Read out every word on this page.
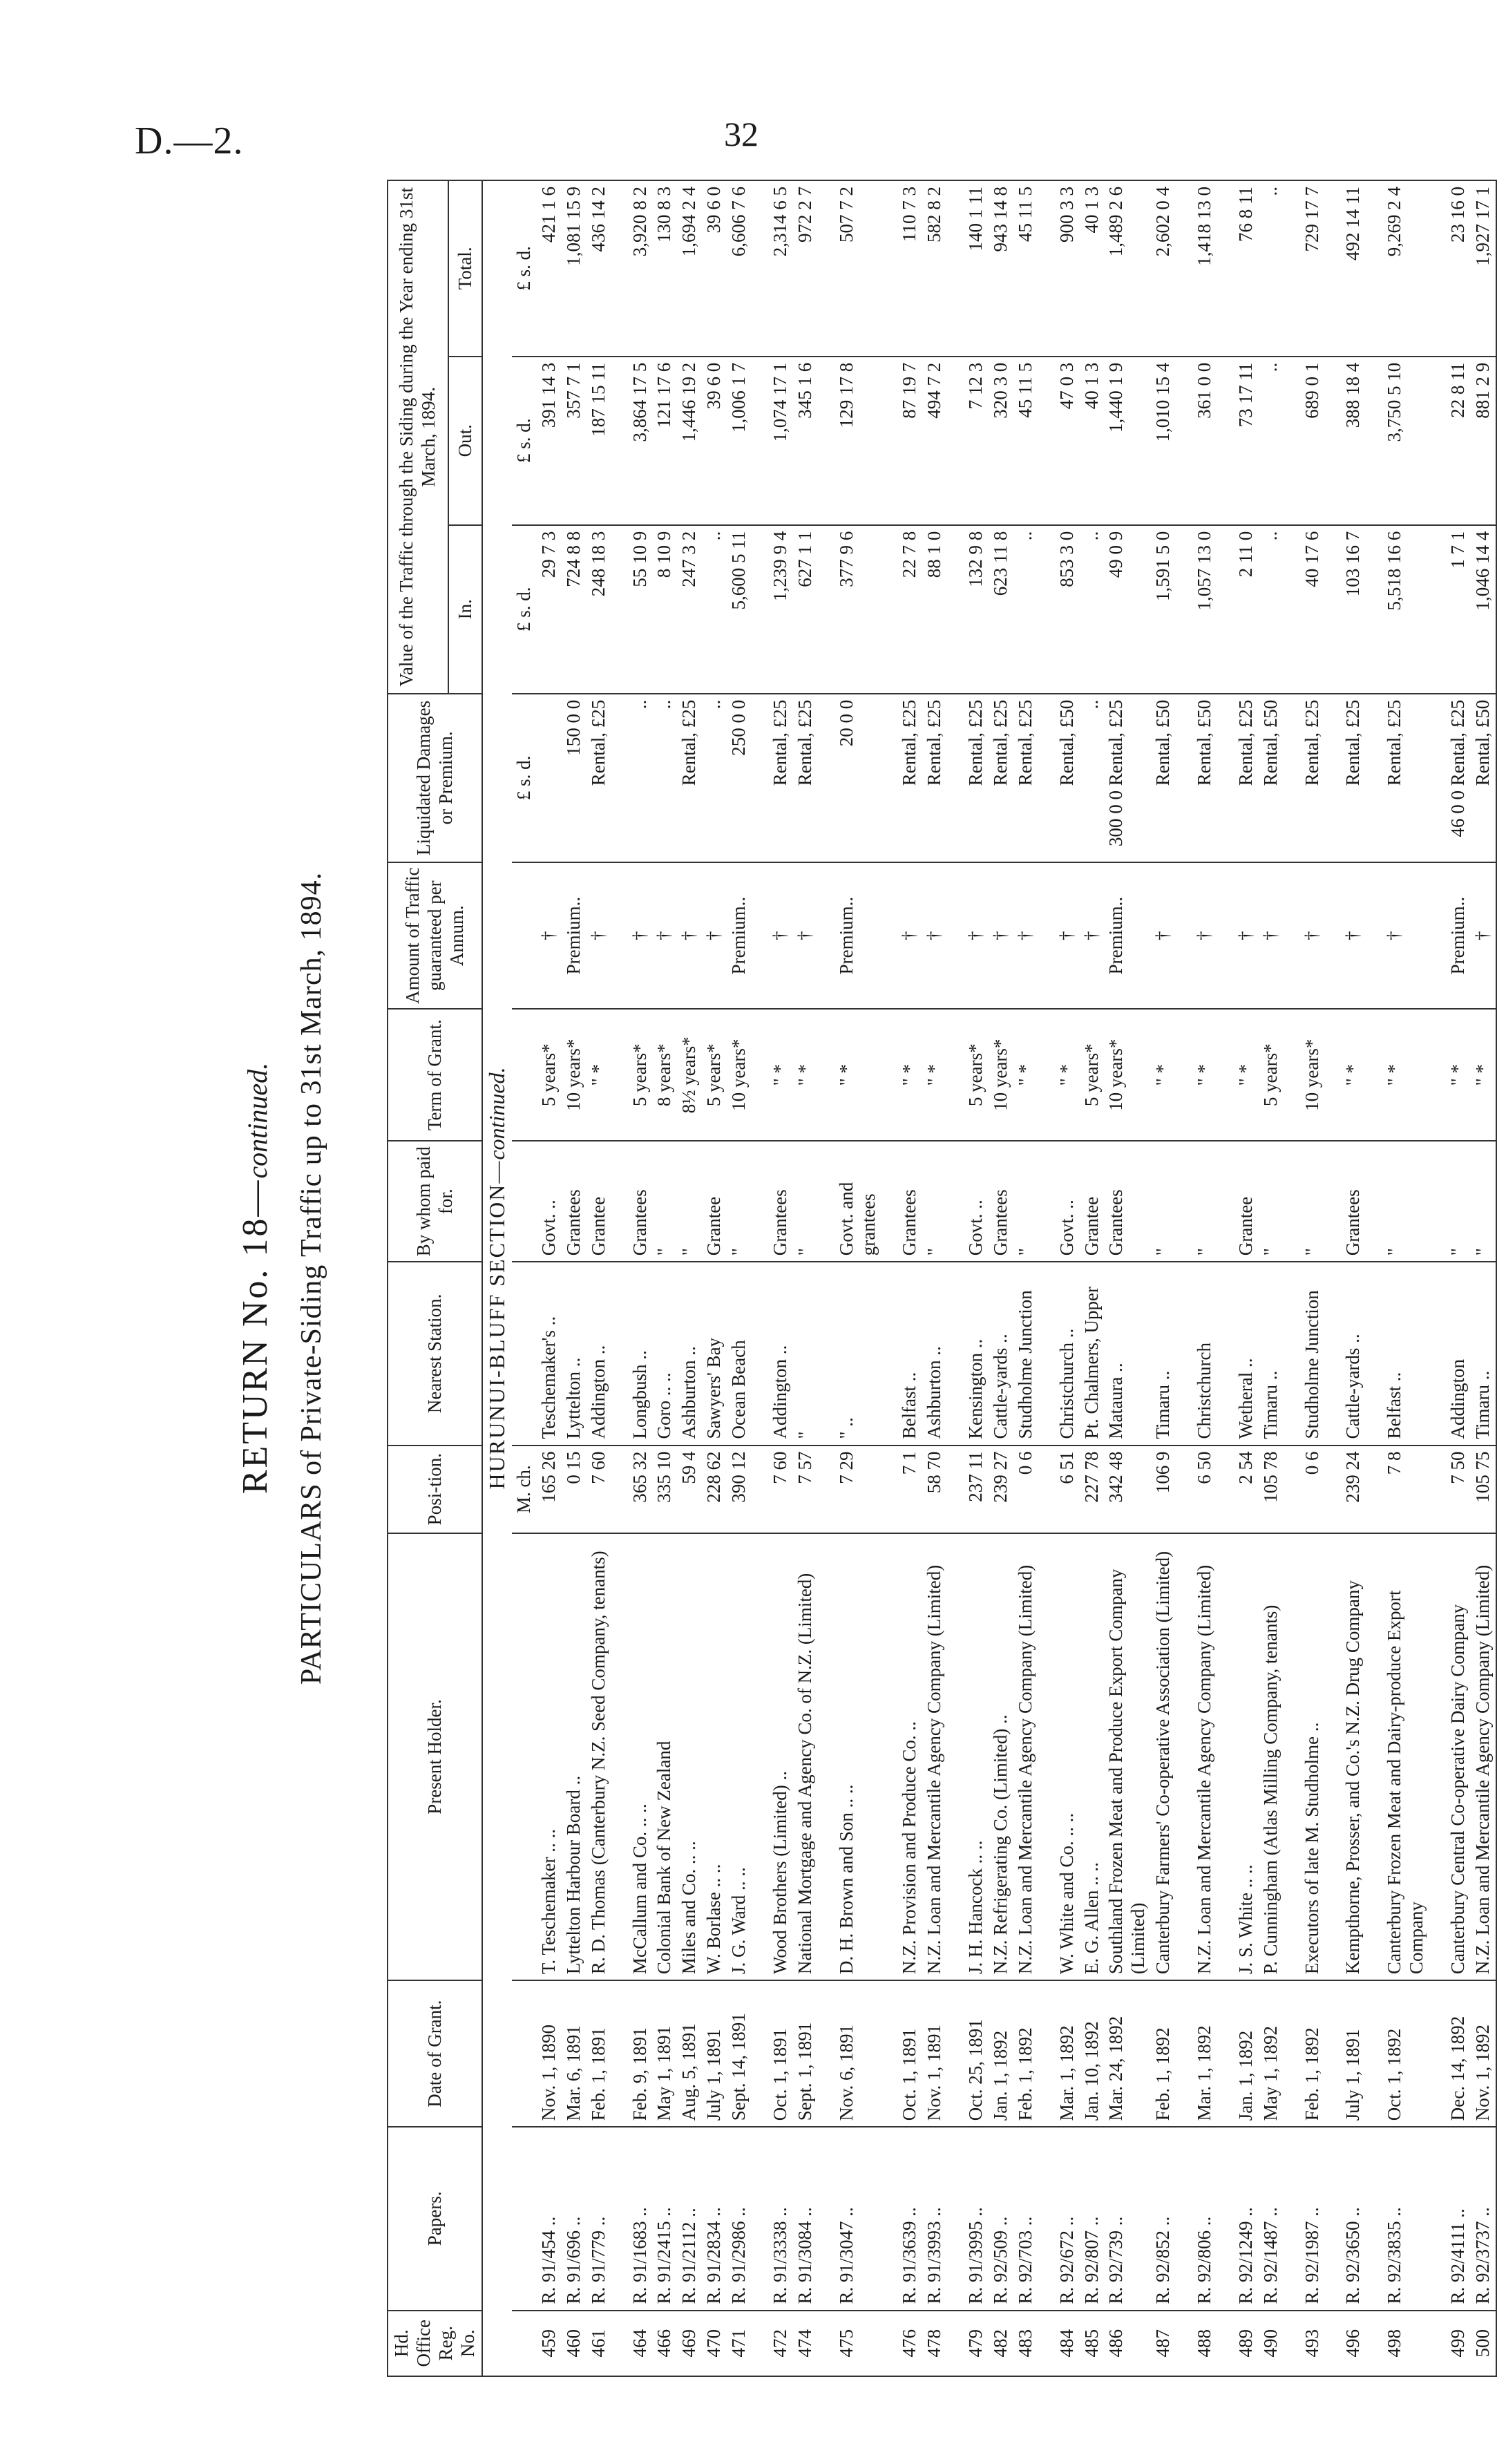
D.—2.	32
RETURN No. 18—continued. PARTICULARS of Private-Siding Traffic up to 31st March, 1894.
Hd. Office Reg. No.	Papers.	Date of Grant.	Present Holder.	Posi-tion.	Nearest Station.	By whom paid for.	Term of Grant.	Amount of Traffic guaranteed per Annum.	Liquidated Damages or Premium.	Value of the Traffic through the Siding during the Year ending 31st March, 1894.		
										In.	Out.	Total.
HURUNUI-BLUFF SECTION—continued.												
				M. ch.					£ s. d.	£ s. d.	£ s. d.	£ s. d.
459	R. 91/454 ..	Nov. 1, 1890	T. Teschemaker .. ..	165 26	Teschemaker's ..	Govt. ..	5 years*	†		29 7 3	391 14 3	421 1 6
460	R. 91/696 ..	Mar. 6, 1891	Lyttelton Harbour Board ..	0 15	Lyttelton ..	Grantees	10 years*	Premium..	150 0 0	724 8 8	357 7 1	1,081 15 9
461	R. 91/779 ..	Feb. 1, 1891	R. D. Thomas (Canterbury N.Z. Seed Company, tenants)	7 60	Addington ..	Grantee	" *	†	Rental, £25	248 18 3	187 15 11	436 14 2
464	R. 91/1683 ..	Feb. 9, 1891	McCallum and Co. .. ..	365 32	Longbush ..	Grantees	5 years*	†	..	55 10 9	3,864 17 5	3,920 8 2
466	R. 91/2415 ..	May 1, 1891	Colonial Bank of New Zealand	335 10	Goro .. ..	"	8 years*	†	..	8 10 9	121 17 6	130 8 3
469	R. 91/2112 ..	Aug. 5, 1891	Miles and Co. .. ..	59 4	Ashburton ..	"	8½ years*	†	Rental, £25	247 3 2	1,446 19 2	1,694 2 4
470	R. 91/2834 ..	July 1, 1891	W. Borlase .. ..	228 62	Sawyers' Bay	Grantee	5 years*	†	..	..	39 6 0	39 6 0
471	R. 91/2986 ..	Sept. 14, 1891	J. G. Ward .. ..	390 12	Ocean Beach	"	10 years*	Premium..	250 0 0	5,600 5 11	1,006 1 7	6,606 7 6
472	R. 91/3338 ..	Oct. 1, 1891	Wood Brothers (Limited) ..	7 60	Addington ..	Grantees	" *	†	Rental, £25	1,239 9 4	1,074 17 1	2,314 6 5
474	R. 91/3084 ..	Sept. 1, 1891	National Mortgage and Agency Co. of N.Z. (Limited)	7 57	"	"	" *	†	Rental, £25	627 1 1	345 1 6	972 2 7
475	R. 91/3047 ..	Nov. 6, 1891	D. H. Brown and Son .. ..	7 29	" ..	Govt. and grantees	" *	Premium..	20 0 0	377 9 6	129 17 8	507 7 2
476	R. 91/3639 ..	Oct. 1, 1891	N.Z. Provision and Produce Co. ..	7 1	Belfast ..	Grantees	" *	†	Rental, £25	22 7 8	87 19 7	110 7 3
478	R. 91/3993 ..	Nov. 1, 1891	N.Z. Loan and Mercantile Agency Company (Limited)	58 70	Ashburton ..	"	" *	†	Rental, £25	88 1 0	494 7 2	582 8 2
479	R. 91/3995 ..	Oct. 25, 1891	J. H. Hancock .. ..	237 11	Kensington ..	Govt. ..	5 years*	†	Rental, £25	132 9 8	7 12 3	140 1 11
482	R. 92/509 ..	Jan. 1, 1892	N.Z. Refrigerating Co. (Limited) ..	239 27	Cattle-yards ..	Grantees	10 years*	†	Rental, £25	623 11 8	320 3 0	943 14 8
483	R. 92/703 ..	Feb. 1, 1892	N.Z. Loan and Mercantile Agency Company (Limited)	0 6	Studholme Junction	"	" *	†	Rental, £25	..	45 11 5	45 11 5
484	R. 92/672 ..	Mar. 1, 1892	W. White and Co. .. ..	6 51	Christchurch ..	Govt. ..	" *	†	Rental, £50	853 3 0	47 0 3	900 3 3
485	R. 92/807 ..	Jan. 10, 1892	E. G. Allen .. ..	227 78	Pt. Chalmers, Upper	Grantee	5 years*	†	..	..	40 1 3	40 1 3
486	R. 92/739 ..	Mar. 24, 1892	Southland Frozen Meat and Produce Export Company (Limited)	342 48	Mataura ..	Grantees	10 years*	Premium..	300 0 0 Rental, £25	49 0 9	1,440 1 9	1,489 2 6
487	R. 92/852 ..	Feb. 1, 1892	Canterbury Farmers' Co-operative Association (Limited)	106 9	Timaru ..	"	" *	†	Rental, £50	1,591 5 0	1,010 15 4	2,602 0 4
488	R. 92/806 ..	Mar. 1, 1892	N.Z. Loan and Mercantile Agency Company (Limited)	6 50	Christchurch	"	" *	†	Rental, £50	1,057 13 0	361 0 0	1,418 13 0
489	R. 92/1249 ..	Jan. 1, 1892	J. S. White .. ..	2 54	Wetheral ..	Grantee	" *	†	Rental, £25	2 11 0	73 17 11	76 8 11
490	R. 92/1487 ..	May 1, 1892	P. Cunningham (Atlas Milling Company, tenants)	105 78	Timaru ..	"	5 years*	†	Rental, £50	..	..	..
493	R. 92/1987 ..	Feb. 1, 1892	Executors of late M. Studholme ..	0 6	Studholme Junction	"	10 years*	†	Rental, £25	40 17 6	689 0 1	729 17 7
496	R. 92/3650 ..	July 1, 1891	Kempthorne, Prosser, and Co.'s N.Z. Drug Company	239 24	Cattle-yards ..	Grantees	" *	†	Rental, £25	103 16 7	388 18 4	492 14 11
498	R. 92/3835 ..	Oct. 1, 1892	Canterbury Frozen Meat and Dairy-produce Export Company	7 8	Belfast ..	"	" *	†	Rental, £25	5,518 16 6	3,750 5 10	9,269 2 4
499	R. 92/4111 ..	Dec. 14, 1892	Canterbury Central Co-operative Dairy Company	7 50	Addington	"	" *	Premium..	46 0 0 Rental, £25	1 7 1	22 8 11	23 16 0
500	R. 92/3737 ..	Nov. 1, 1892	N.Z. Loan and Mercantile Agency Company (Limited)	105 75	Timaru ..	"	" *	†	Rental, £50	1,046 14 4	881 2 9	1,927 17 1
